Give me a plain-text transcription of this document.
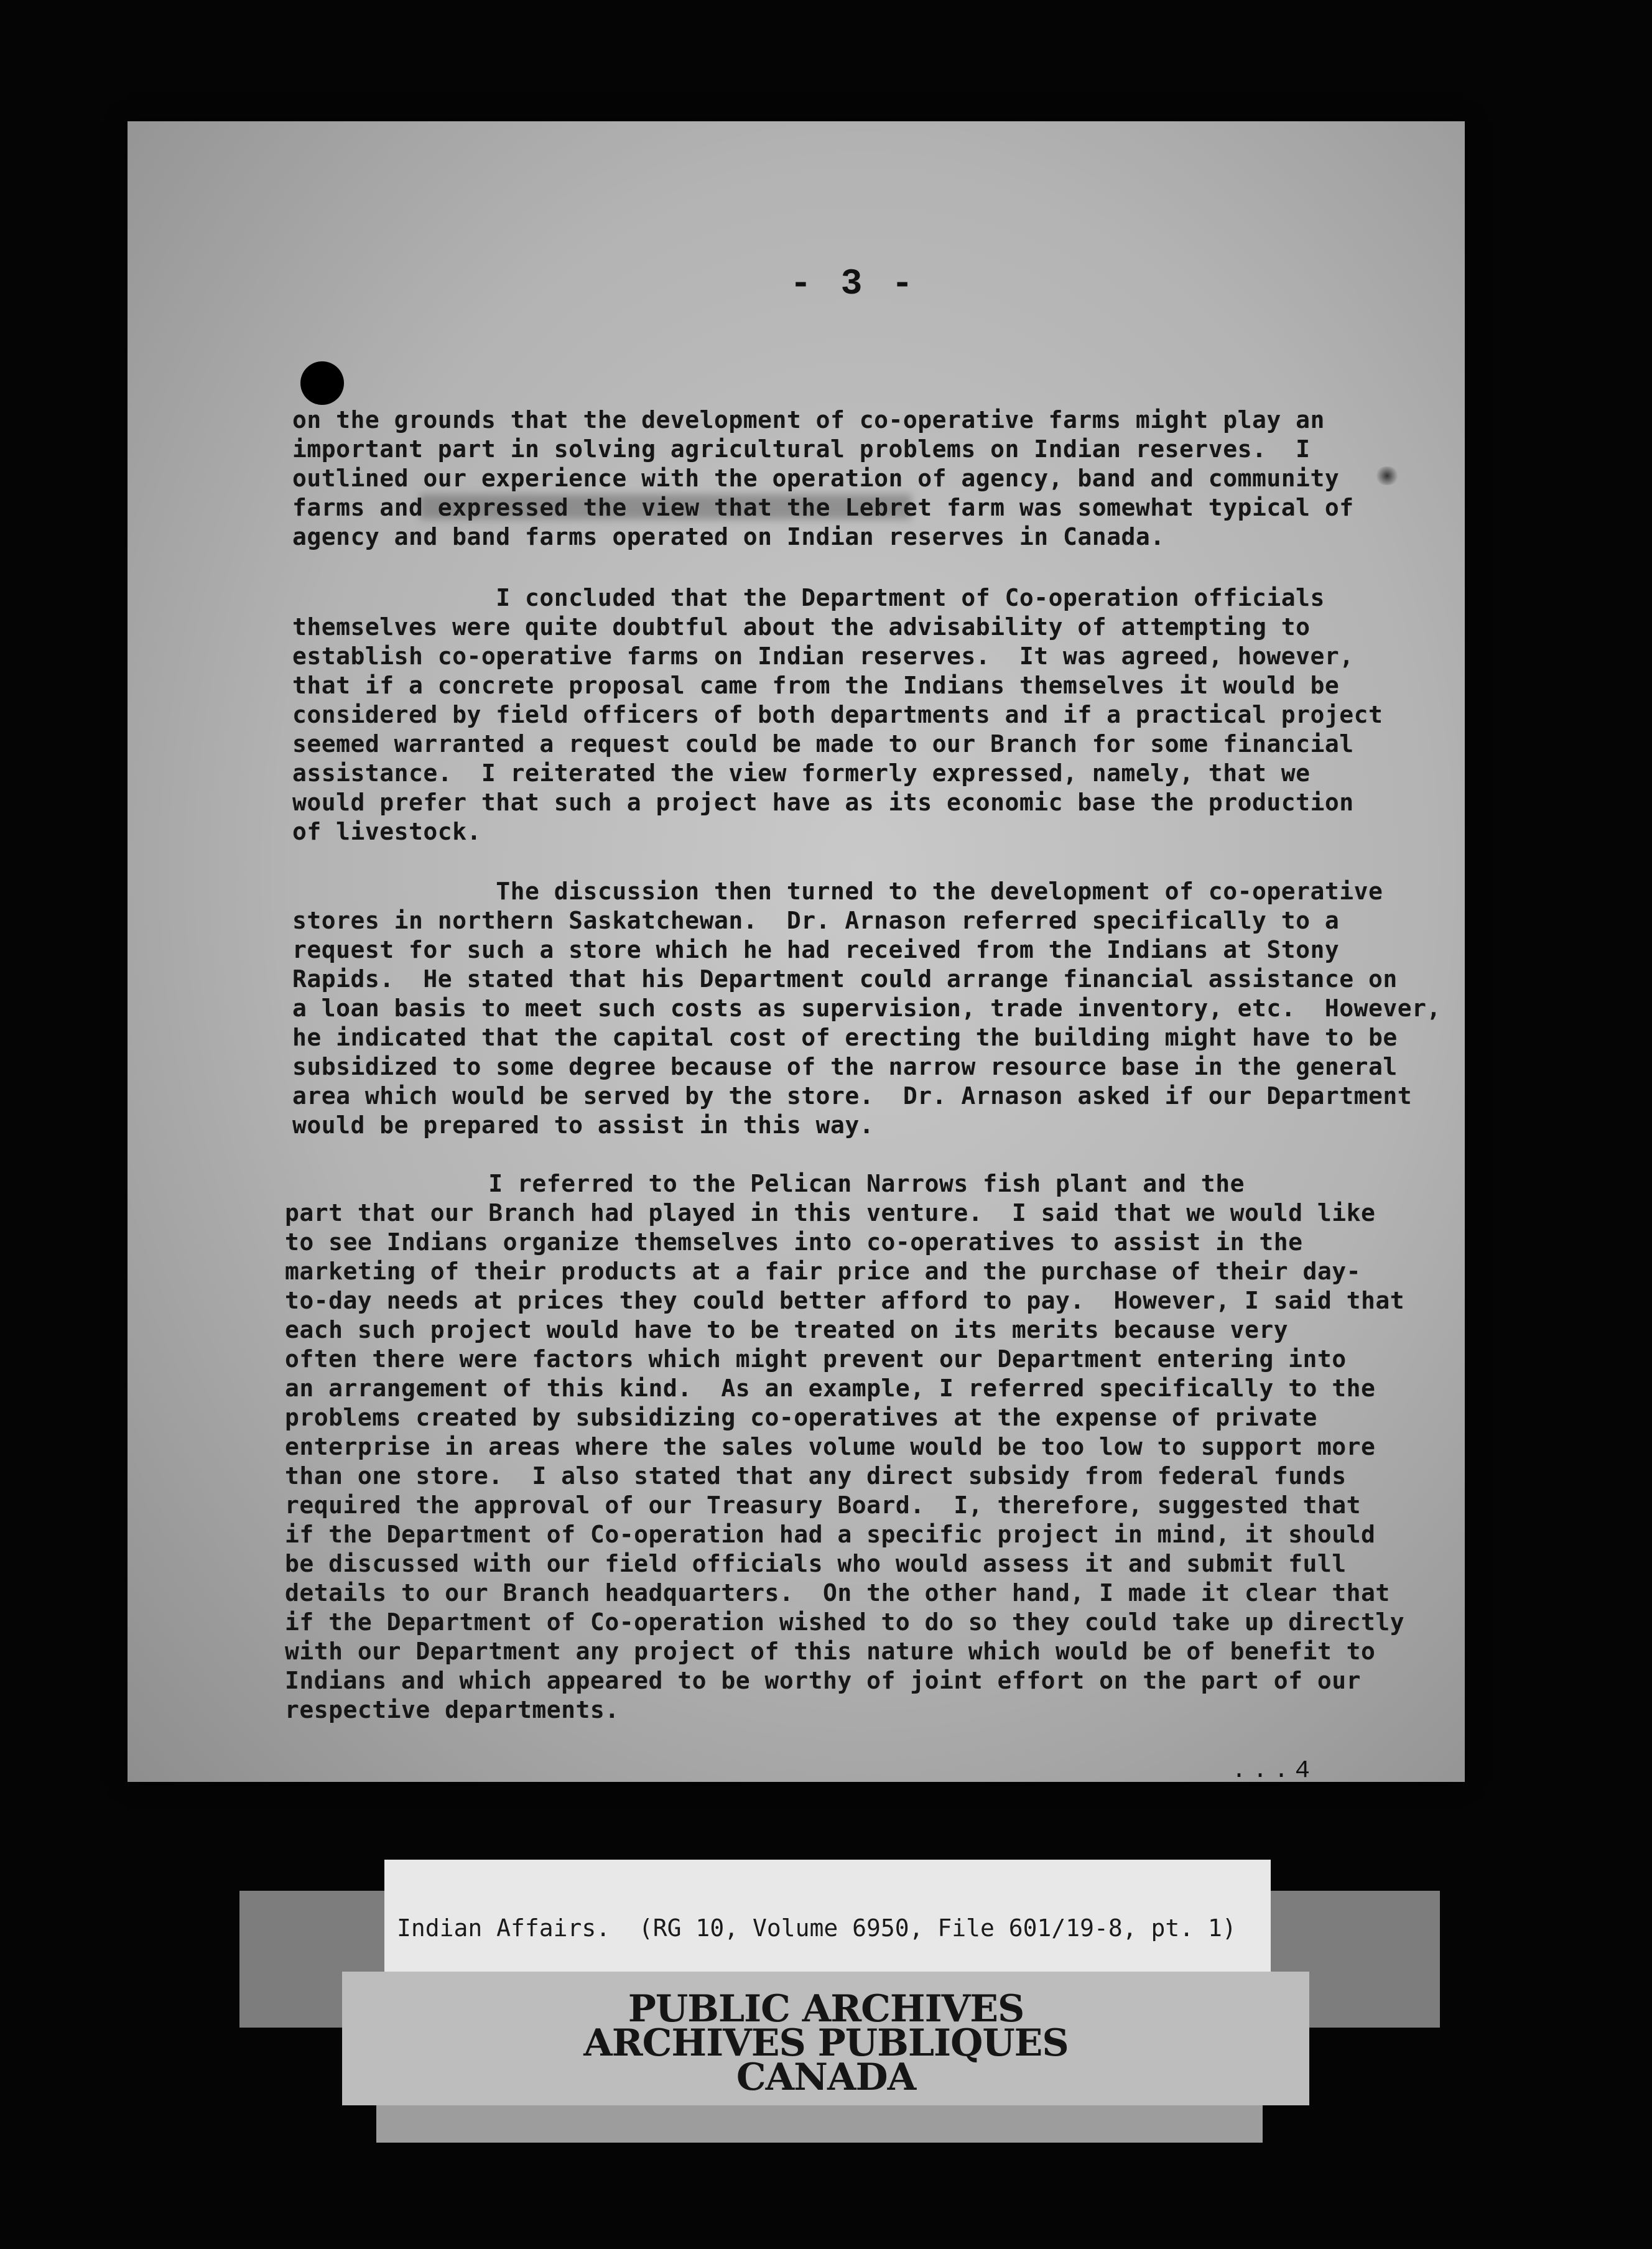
- 3 -
on the grounds that the development of co-operative farms might play an
important part in solving agricultural problems on Indian reserves.  I
outlined our experience with the operation of agency, band and community
farms and expressed the view that the Lebret farm was somewhat typical of
agency and band farms operated on Indian reserves in Canada.
I concluded that the Department of Co-operation officials
themselves were quite doubtful about the advisability of attempting to
establish co-operative farms on Indian reserves.  It was agreed, however,
that if a concrete proposal came from the Indians themselves it would be
considered by field officers of both departments and if a practical project
seemed warranted a request could be made to our Branch for some financial
assistance.  I reiterated the view formerly expressed, namely, that we
would prefer that such a project have as its economic base the production
of livestock.
The discussion then turned to the development of co-operative
stores in northern Saskatchewan.  Dr. Arnason referred specifically to a
request for such a store which he had received from the Indians at Stony
Rapids.  He stated that his Department could arrange financial assistance on
a loan basis to meet such costs as supervision, trade inventory, etc.  However,
he indicated that the capital cost of erecting the building might have to be
subsidized to some degree because of the narrow resource base in the general
area which would be served by the store.  Dr. Arnason asked if our Department
would be prepared to assist in this way.
I referred to the Pelican Narrows fish plant and the
part that our Branch had played in this venture.  I said that we would like
to see Indians organize themselves into co-operatives to assist in the
marketing of their products at a fair price and the purchase of their day-
to-day needs at prices they could better afford to pay.  However, I said that
each such project would have to be treated on its merits because very
often there were factors which might prevent our Department entering into
an arrangement of this kind.  As an example, I referred specifically to the
problems created by subsidizing co-operatives at the expense of private
enterprise in areas where the sales volume would be too low to support more
than one store.  I also stated that any direct subsidy from federal funds
required the approval of our Treasury Board.  I, therefore, suggested that
if the Department of Co-operation had a specific project in mind, it should
be discussed with our field officials who would assess it and submit full
details to our Branch headquarters.  On the other hand, I made it clear that
if the Department of Co-operation wished to do so they could take up directly
with our Department any project of this nature which would be of benefit to
Indians and which appeared to be worthy of joint effort on the part of our
respective departments.
...4
Indian Affairs.  (RG 10, Volume 6950, File 601/19-8, pt. 1)
PUBLIC ARCHIVES
ARCHIVES PUBLIQUES
CANADA
